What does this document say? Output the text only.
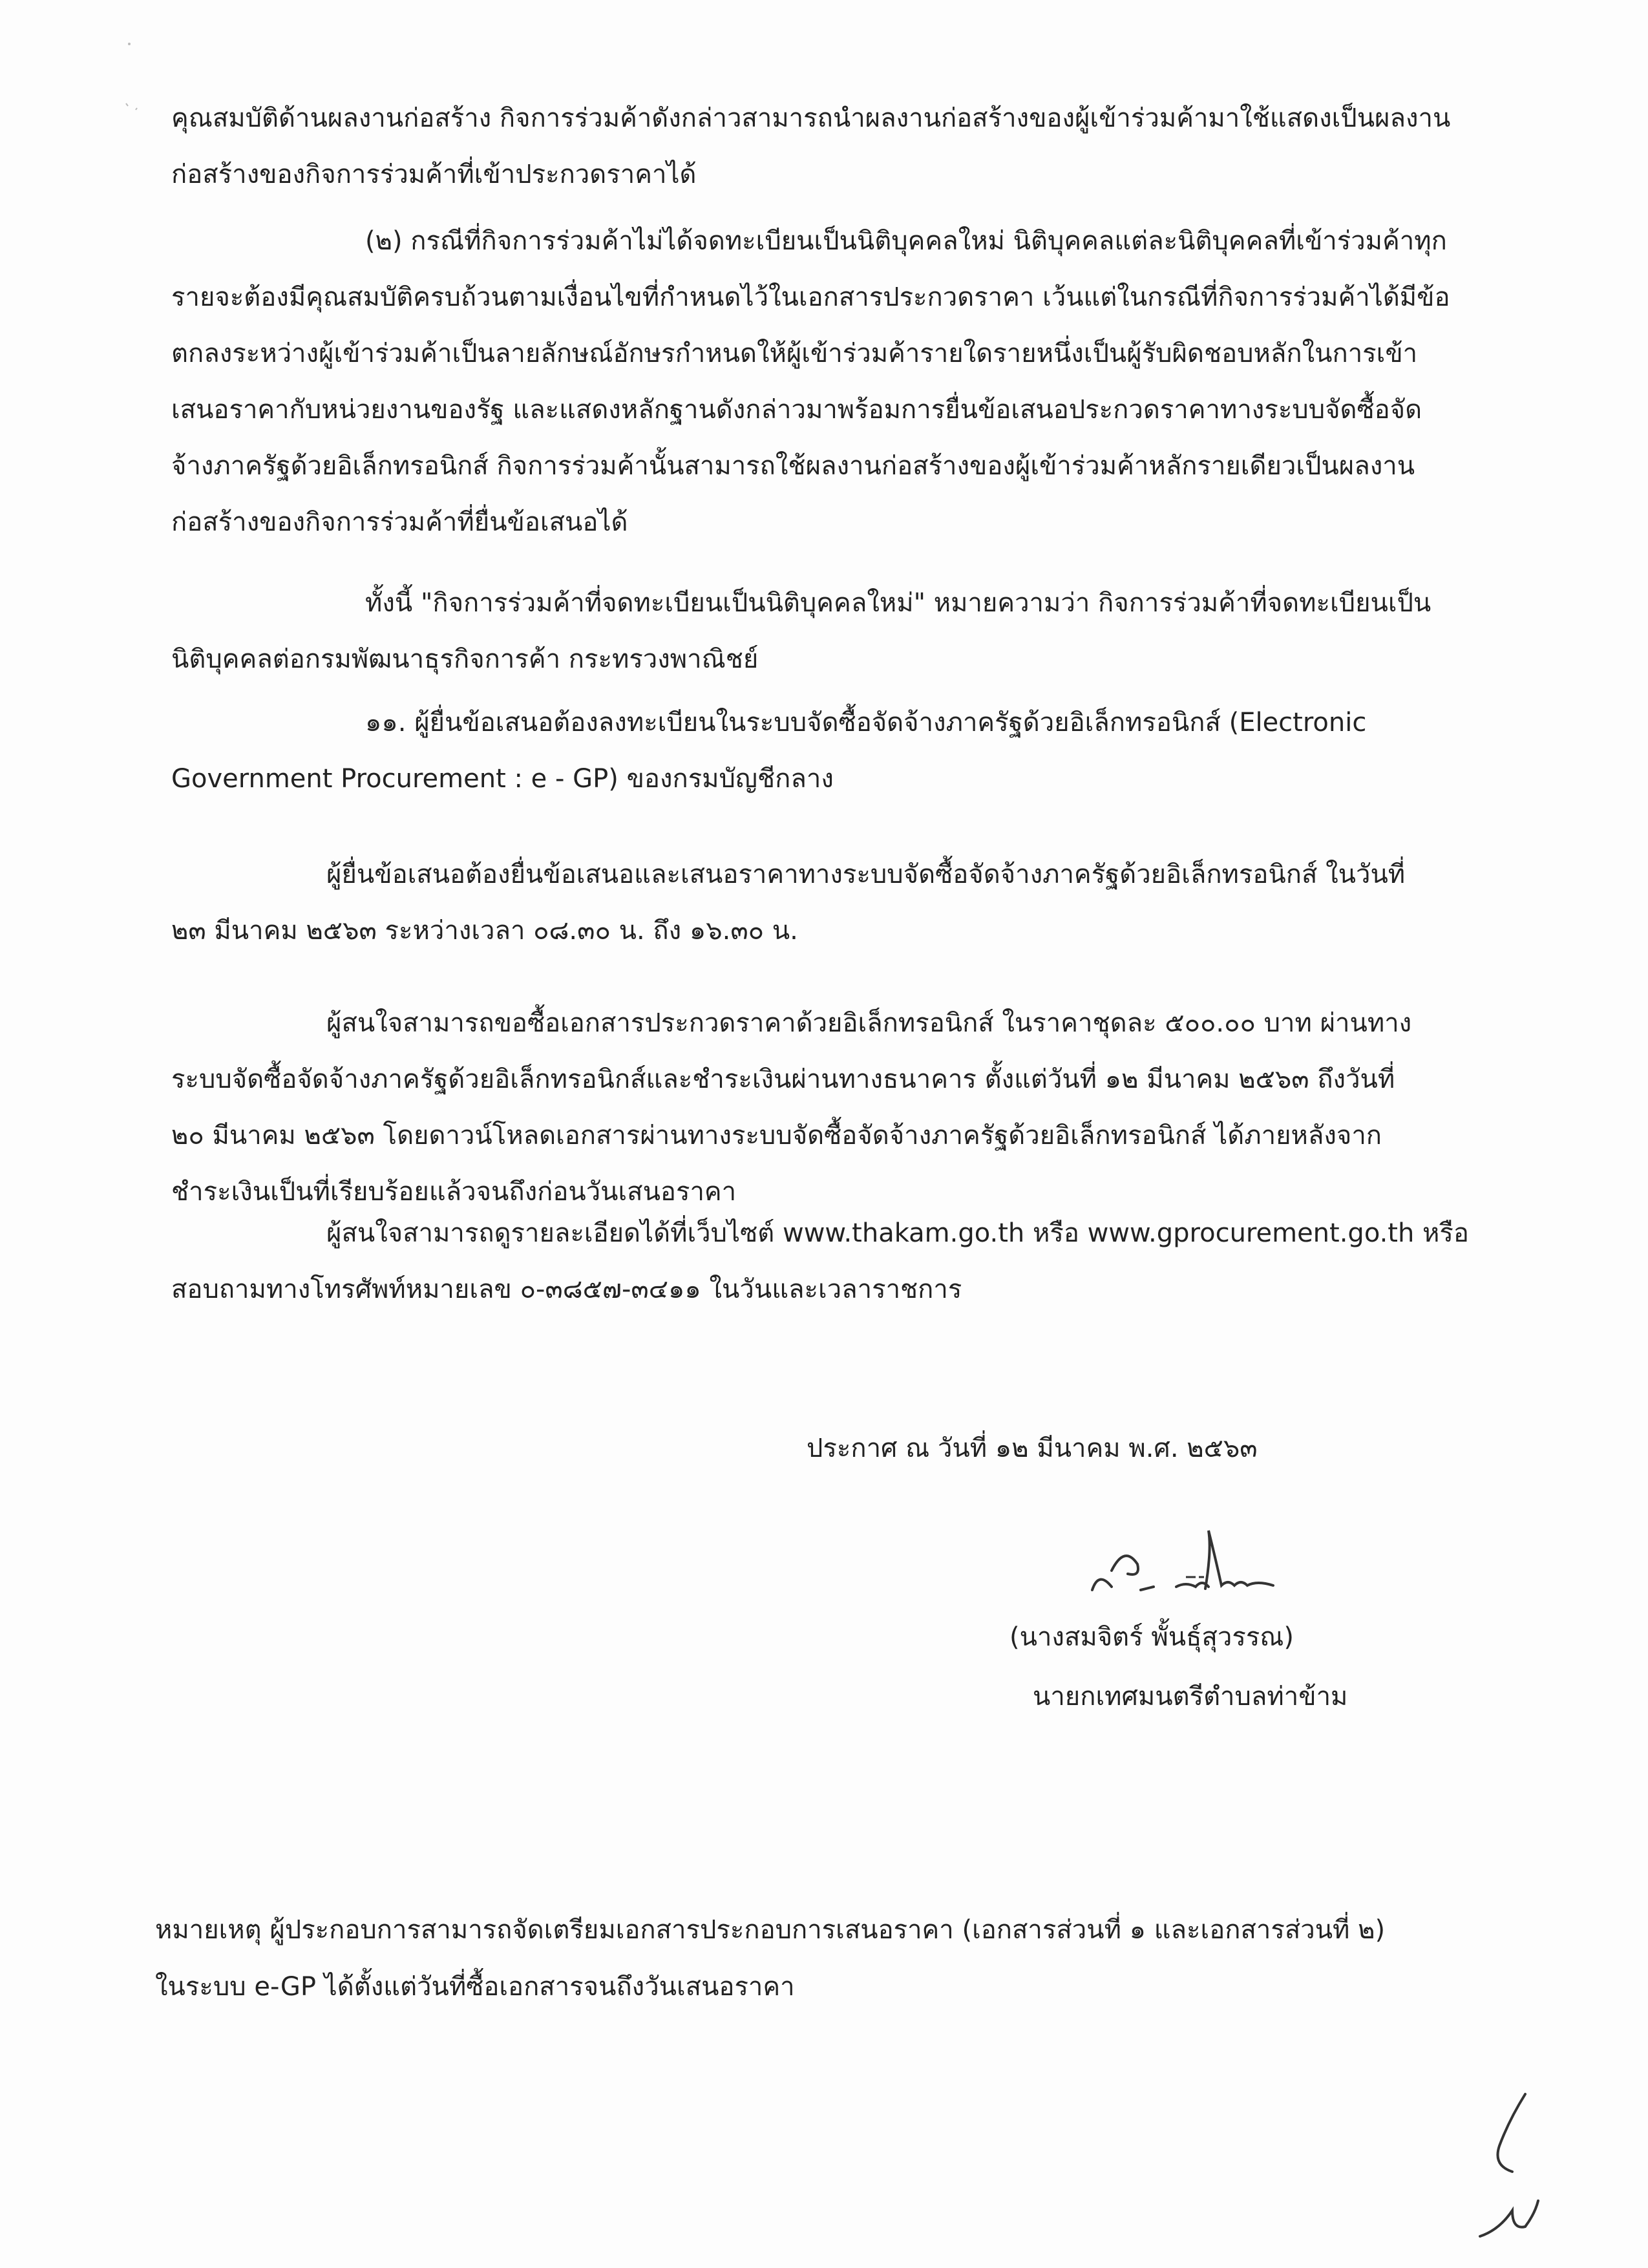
คุณสมบัติด้านผลงานก่อสร้าง กิจการร่วมค้าดังกล่าวสามารถนำผลงานก่อสร้างของผู้เข้าร่วมค้ามาใช้แสดงเป็นผลงาน
ก่อสร้างของกิจการร่วมค้าที่เข้าประกวดราคาได้
(๒) กรณีที่กิจการร่วมค้าไม่ได้จดทะเบียนเป็นนิติบุคคลใหม่ นิติบุคคลแต่ละนิติบุคคลที่เข้าร่วมค้าทุก
รายจะต้องมีคุณสมบัติครบถ้วนตามเงื่อนไขที่กำหนดไว้ในเอกสารประกวดราคา เว้นแต่ในกรณีที่กิจการร่วมค้าได้มีข้อ
ตกลงระหว่างผู้เข้าร่วมค้าเป็นลายลักษณ์อักษรกำหนดให้ผู้เข้าร่วมค้ารายใดรายหนึ่งเป็นผู้รับผิดชอบหลักในการเข้า
เสนอราคากับหน่วยงานของรัฐ และแสดงหลักฐานดังกล่าวมาพร้อมการยื่นข้อเสนอประกวดราคาทางระบบจัดซื้อจัด
จ้างภาครัฐด้วยอิเล็กทรอนิกส์ กิจการร่วมค้านั้นสามารถใช้ผลงานก่อสร้างของผู้เข้าร่วมค้าหลักรายเดียวเป็นผลงาน
ก่อสร้างของกิจการร่วมค้าที่ยื่นข้อเสนอได้
ทั้งนี้ "กิจการร่วมค้าที่จดทะเบียนเป็นนิติบุคคลใหม่" หมายความว่า กิจการร่วมค้าที่จดทะเบียนเป็น
นิติบุคคลต่อกรมพัฒนาธุรกิจการค้า กระทรวงพาณิชย์
๑๑. ผู้ยื่นข้อเสนอต้องลงทะเบียนในระบบจัดซื้อจัดจ้างภาครัฐด้วยอิเล็กทรอนิกส์ (Electronic
Government Procurement : e - GP) ของกรมบัญชีกลาง
ผู้ยื่นข้อเสนอต้องยื่นข้อเสนอและเสนอราคาทางระบบจัดซื้อจัดจ้างภาครัฐด้วยอิเล็กทรอนิกส์ ในวันที่
๒๓ มีนาคม ๒๕๖๓ ระหว่างเวลา ๐๘.๓๐ น. ถึง ๑๖.๓๐ น.
ผู้สนใจสามารถขอซื้อเอกสารประกวดราคาด้วยอิเล็กทรอนิกส์ ในราคาชุดละ ๕๐๐.๐๐ บาท ผ่านทาง
ระบบจัดซื้อจัดจ้างภาครัฐด้วยอิเล็กทรอนิกส์และชำระเงินผ่านทางธนาคาร ตั้งแต่วันที่ ๑๒ มีนาคม ๒๕๖๓ ถึงวันที่
๒๐ มีนาคม ๒๕๖๓ โดยดาวน์โหลดเอกสารผ่านทางระบบจัดซื้อจัดจ้างภาครัฐด้วยอิเล็กทรอนิกส์ ได้ภายหลังจาก
ชำระเงินเป็นที่เรียบร้อยแล้วจนถึงก่อนวันเสนอราคา
ผู้สนใจสามารถดูรายละเอียดได้ที่เว็บไซต์ www.thakam.go.th หรือ www.gprocurement.go.th หรือ
สอบถามทางโทรศัพท์หมายเลข ๐-๓๘๕๗-๓๔๑๑ ในวันและเวลาราชการ
ประกาศ ณ วันที่ ๑๒ มีนาคม พ.ศ. ๒๕๖๓
(นางสมจิตร์ พั้นธุ์สุวรรณ)
นายกเทศมนตรีตำบลท่าข้าม
หมายเหตุ ผู้ประกอบการสามารถจัดเตรียมเอกสารประกอบการเสนอราคา (เอกสารส่วนที่ ๑ และเอกสารส่วนที่ ๒)
ในระบบ e-GP ได้ตั้งแต่วันที่ซื้อเอกสารจนถึงวันเสนอราคา
